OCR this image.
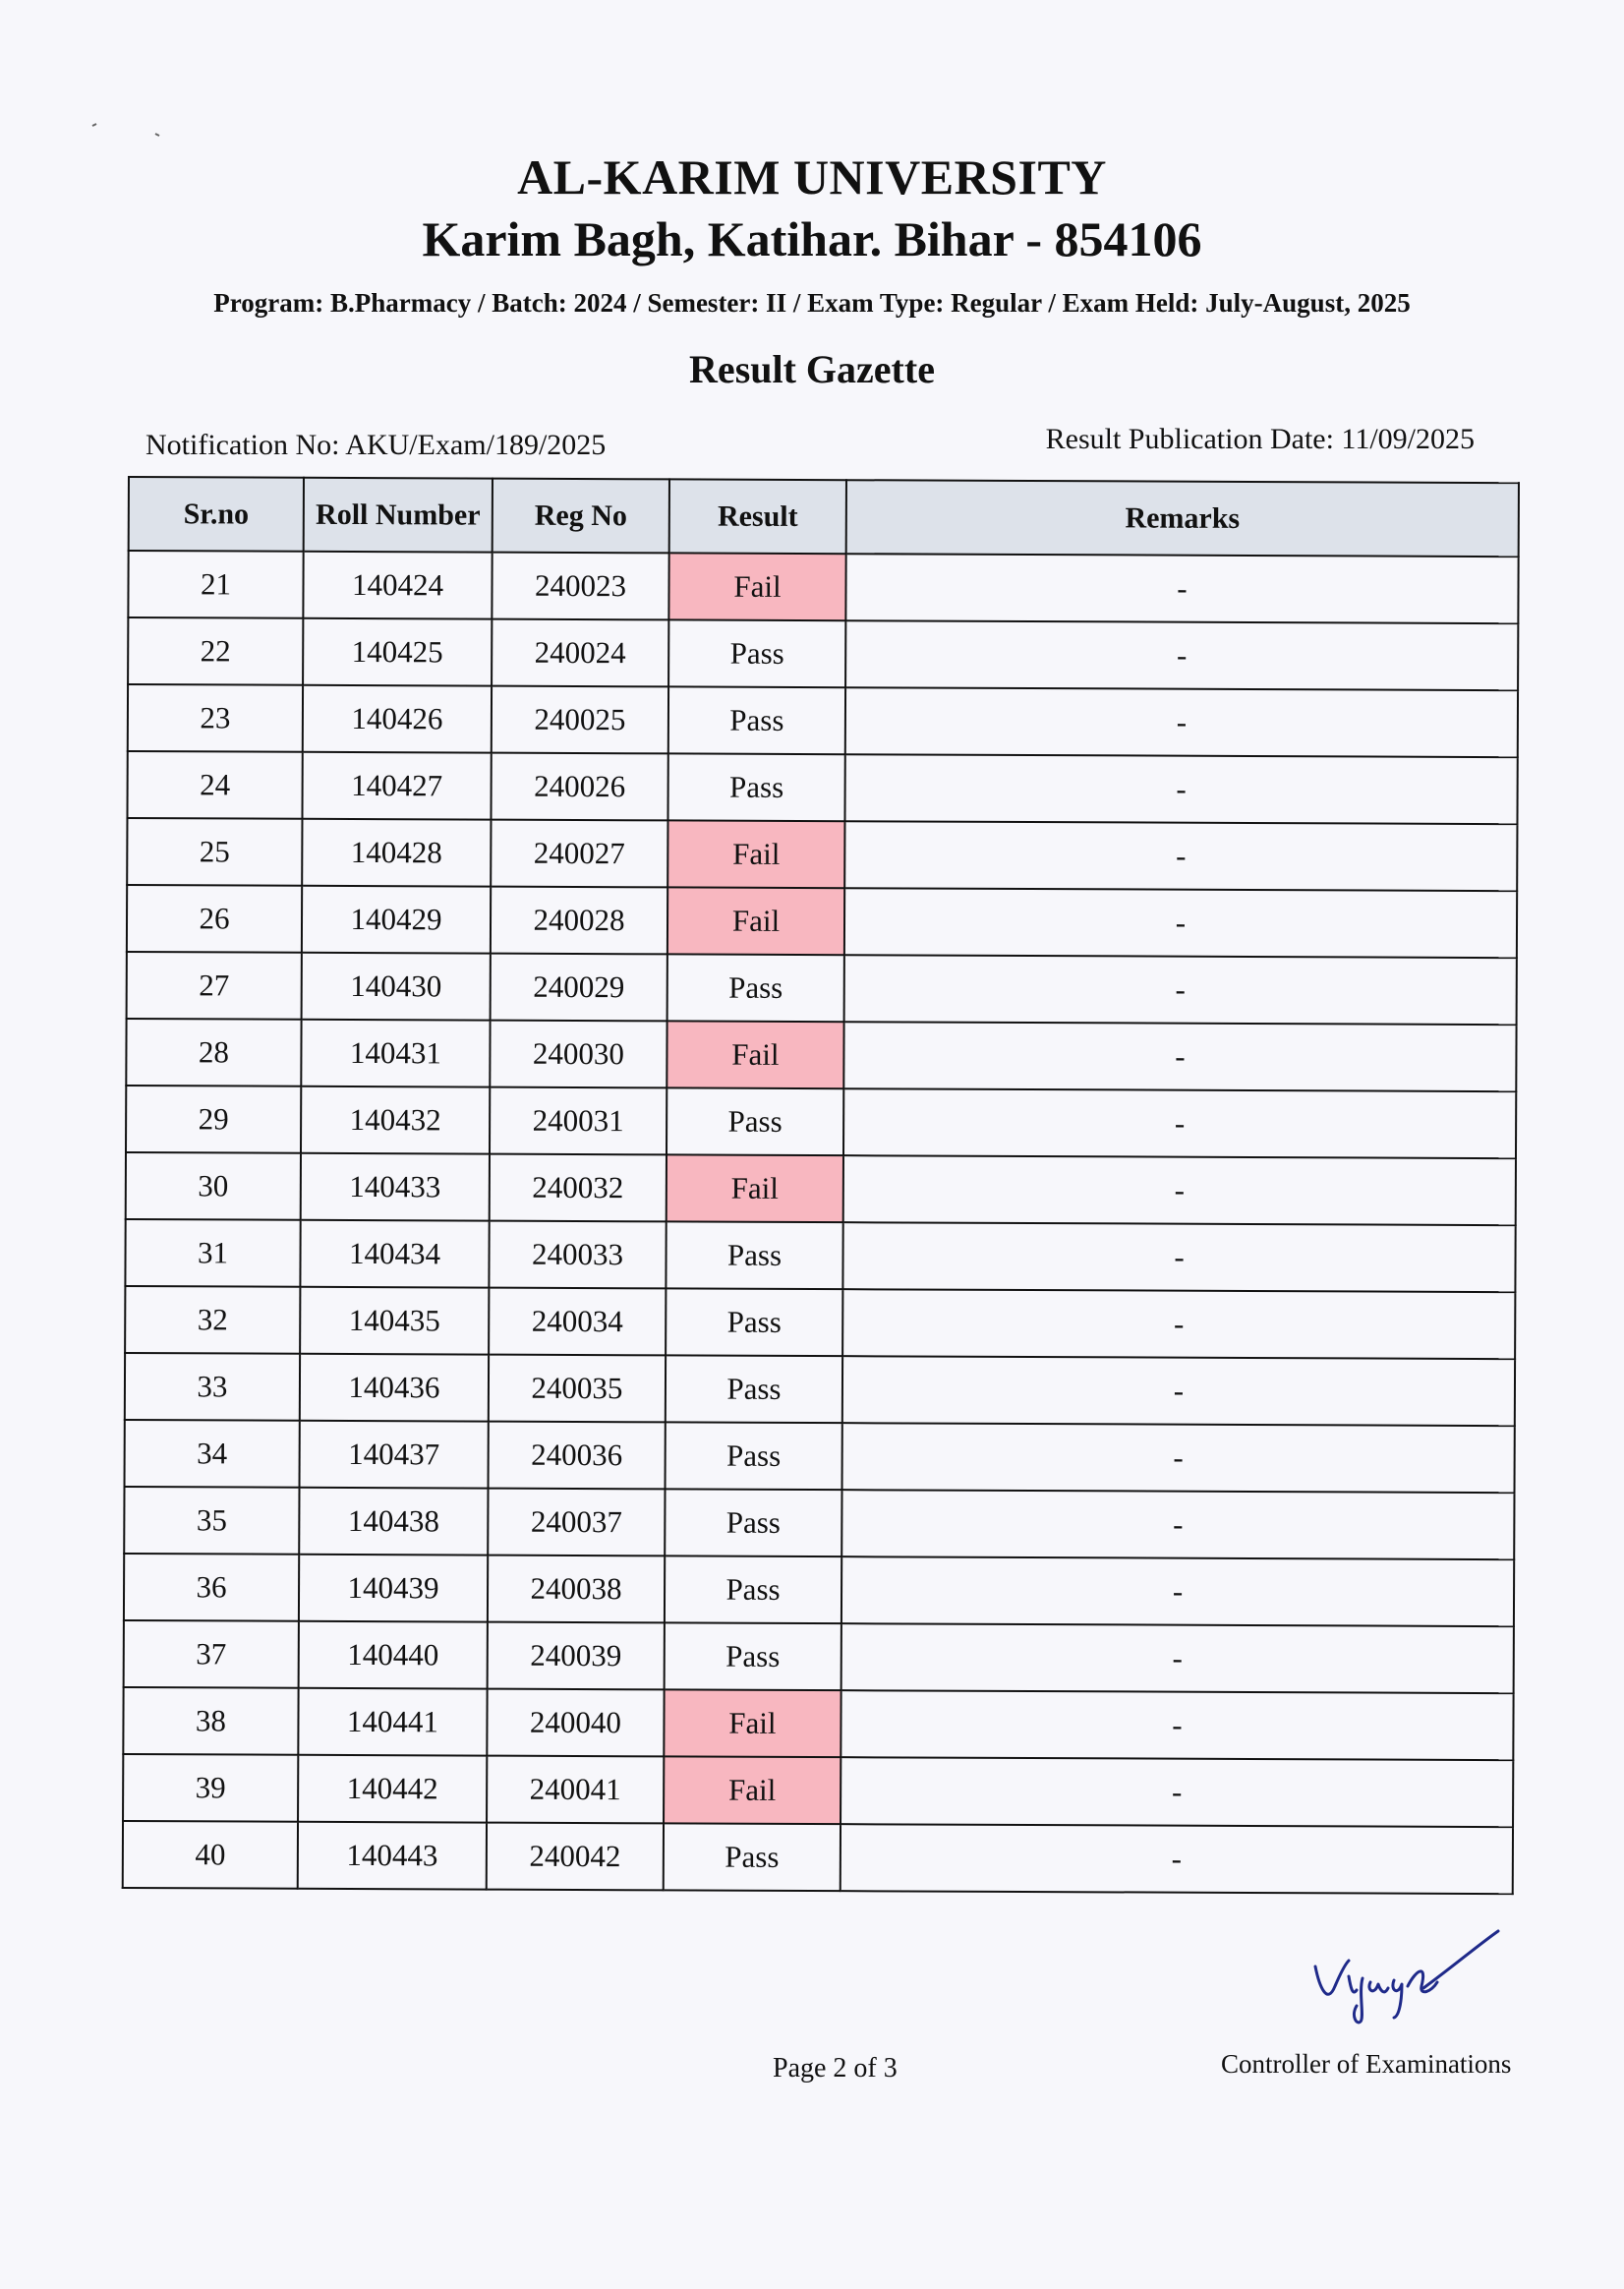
AL-KARIM UNIVERSITY
Karim Bagh, Katihar. Bihar - 854106
Program: B.Pharmacy / Batch: 2024 / Semester: II / Exam Type: Regular / Exam Held: July-August, 2025
Result Gazette
Notification No: AKU/Exam/189/2025	Result Publication Date: 11/09/2025
Sr.no	Roll Number	Reg No	Result	Remarks
21	140424	240023	Fail	-
22	140425	240024	Pass	-
23	140426	240025	Pass	-
24	140427	240026	Pass	-
25	140428	240027	Fail	-
26	140429	240028	Fail	-
27	140430	240029	Pass	-
28	140431	240030	Fail	-
29	140432	240031	Pass	-
30	140433	240032	Fail	-
31	140434	240033	Pass	-
32	140435	240034	Pass	-
33	140436	240035	Pass	-
34	140437	240036	Pass	-
35	140438	240037	Pass	-
36	140439	240038	Pass	-
37	140440	240039	Pass	-
38	140441	240040	Fail	-
39	140442	240041	Fail	-
40	140443	240042	Pass	-
Page 2 of 3	Controller of Examinations
